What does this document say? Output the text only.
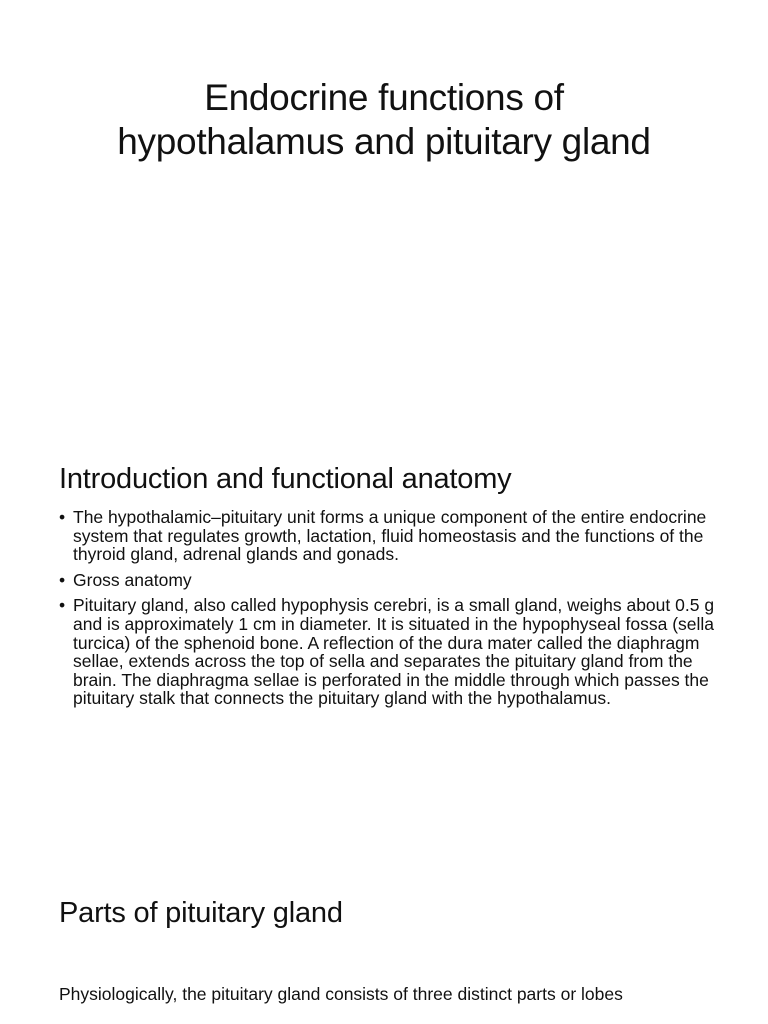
Endocrine functions of hypothalamus and pituitary gland
Introduction and functional anatomy
• The hypothalamic–pituitary unit forms a unique component of the entire endocrine system that regulates growth, lactation, fluid homeostasis and the functions of the thyroid gland, adrenal glands and gonads.
• Gross anatomy
• Pituitary gland, also called hypophysis cerebri, is a small gland, weighs about 0.5 g and is approximately 1 cm in diameter. It is situated in the hypophyseal fossa (sella turcica) of the sphenoid bone. A reflection of the dura mater called the diaphragm sellae, extends across the top of sella and separates the pituitary gland from the brain. The diaphragma sellae is perforated in the middle through which passes the pituitary stalk that connects the pituitary gland with the hypothalamus.
Parts of pituitary gland

Physiologically, the pituitary gland consists of three distinct parts or lobes
